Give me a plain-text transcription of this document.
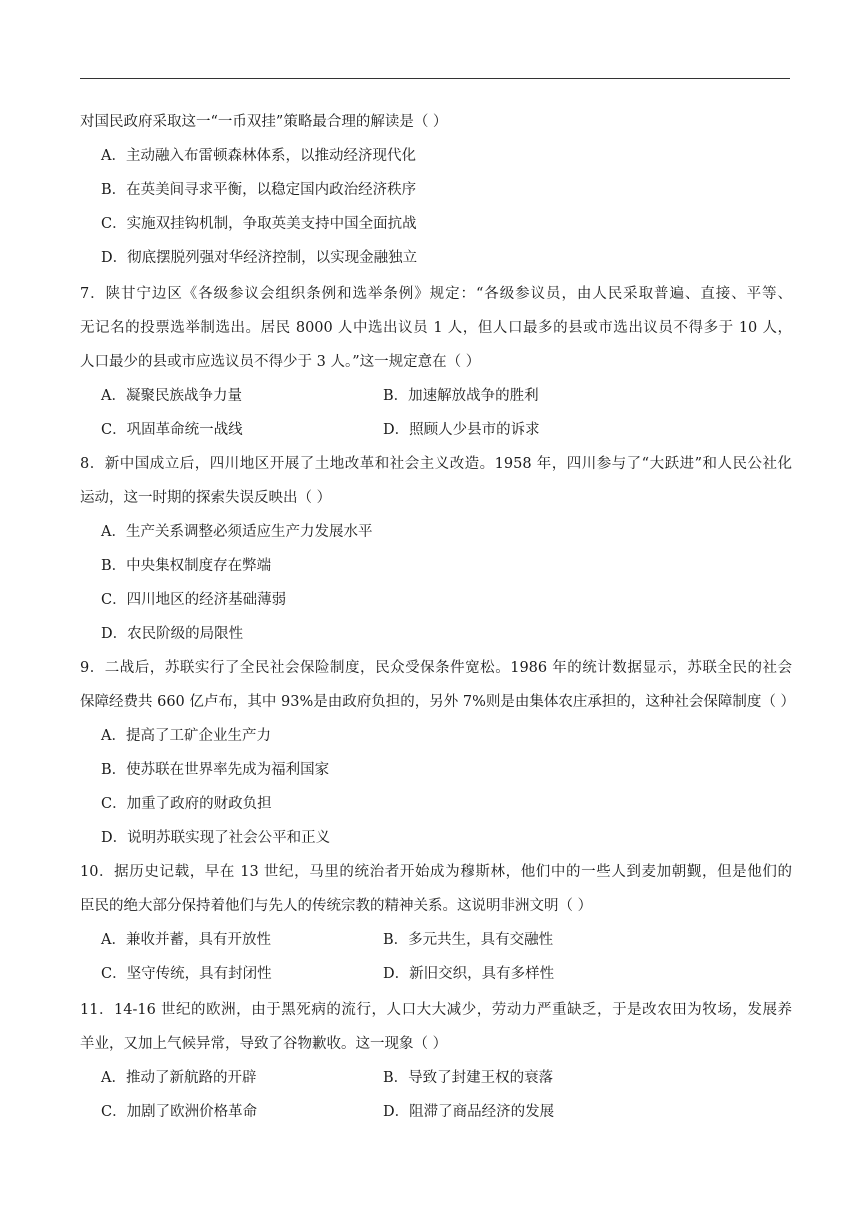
对国民政府采取这一“一币双挂”策略最合理的解读是（ ）
A．主动融入布雷顿森林体系，以推动经济现代化
B．在英美间寻求平衡，以稳定国内政治经济秩序
C．实施双挂钩机制，争取英美支持中国全面抗战
D．彻底摆脱列强对华经济控制，以实现金融独立
7．陕甘宁边区《各级参议会组织条例和选举条例》规定：“各级参议员，由人民采取普遍、直接、平等、
无记名的投票选举制选出。居民 8000 人中选出议员 1 人，但人口最多的县或市选出议员不得多于 10 人，
人口最少的县或市应选议员不得少于 3 人。”这一规定意在（ ）
A．凝聚民族战争力量	B．加速解放战争的胜利
C．巩固革命统一战线	D．照顾人少县市的诉求
8．新中国成立后，四川地区开展了土地改革和社会主义改造。1958 年，四川参与了“大跃进”和人民公社化
运动，这一时期的探索失误反映出（ ）
A．生产关系调整必须适应生产力发展水平
B．中央集权制度存在弊端
C．四川地区的经济基础薄弱
D．农民阶级的局限性
9．二战后，苏联实行了全民社会保险制度，民众受保条件宽松。1986 年的统计数据显示，苏联全民的社会
保障经费共 660 亿卢布，其中 93%是由政府负担的，另外 7%则是由集体农庄承担的，这种社会保障制度（ ）
A．提高了工矿企业生产力
B．使苏联在世界率先成为福利国家
C．加重了政府的财政负担
D．说明苏联实现了社会公平和正义
10．据历史记载，早在 13 世纪，马里的统治者开始成为穆斯林，他们中的一些人到麦加朝觐，但是他们的
臣民的绝大部分保持着他们与先人的传统宗教的精神关系。这说明非洲文明（ ）
A．兼收并蓄，具有开放性	B．多元共生，具有交融性
C．坚守传统，具有封闭性	D．新旧交织，具有多样性
11．14-16 世纪的欧洲，由于黑死病的流行，人口大大减少，劳动力严重缺乏，于是改农田为牧场，发展养
羊业，又加上气候异常，导致了谷物歉收。这一现象（ ）
A．推动了新航路的开辟	B．导致了封建王权的衰落
C．加剧了欧洲价格革命	D．阻滞了商品经济的发展
